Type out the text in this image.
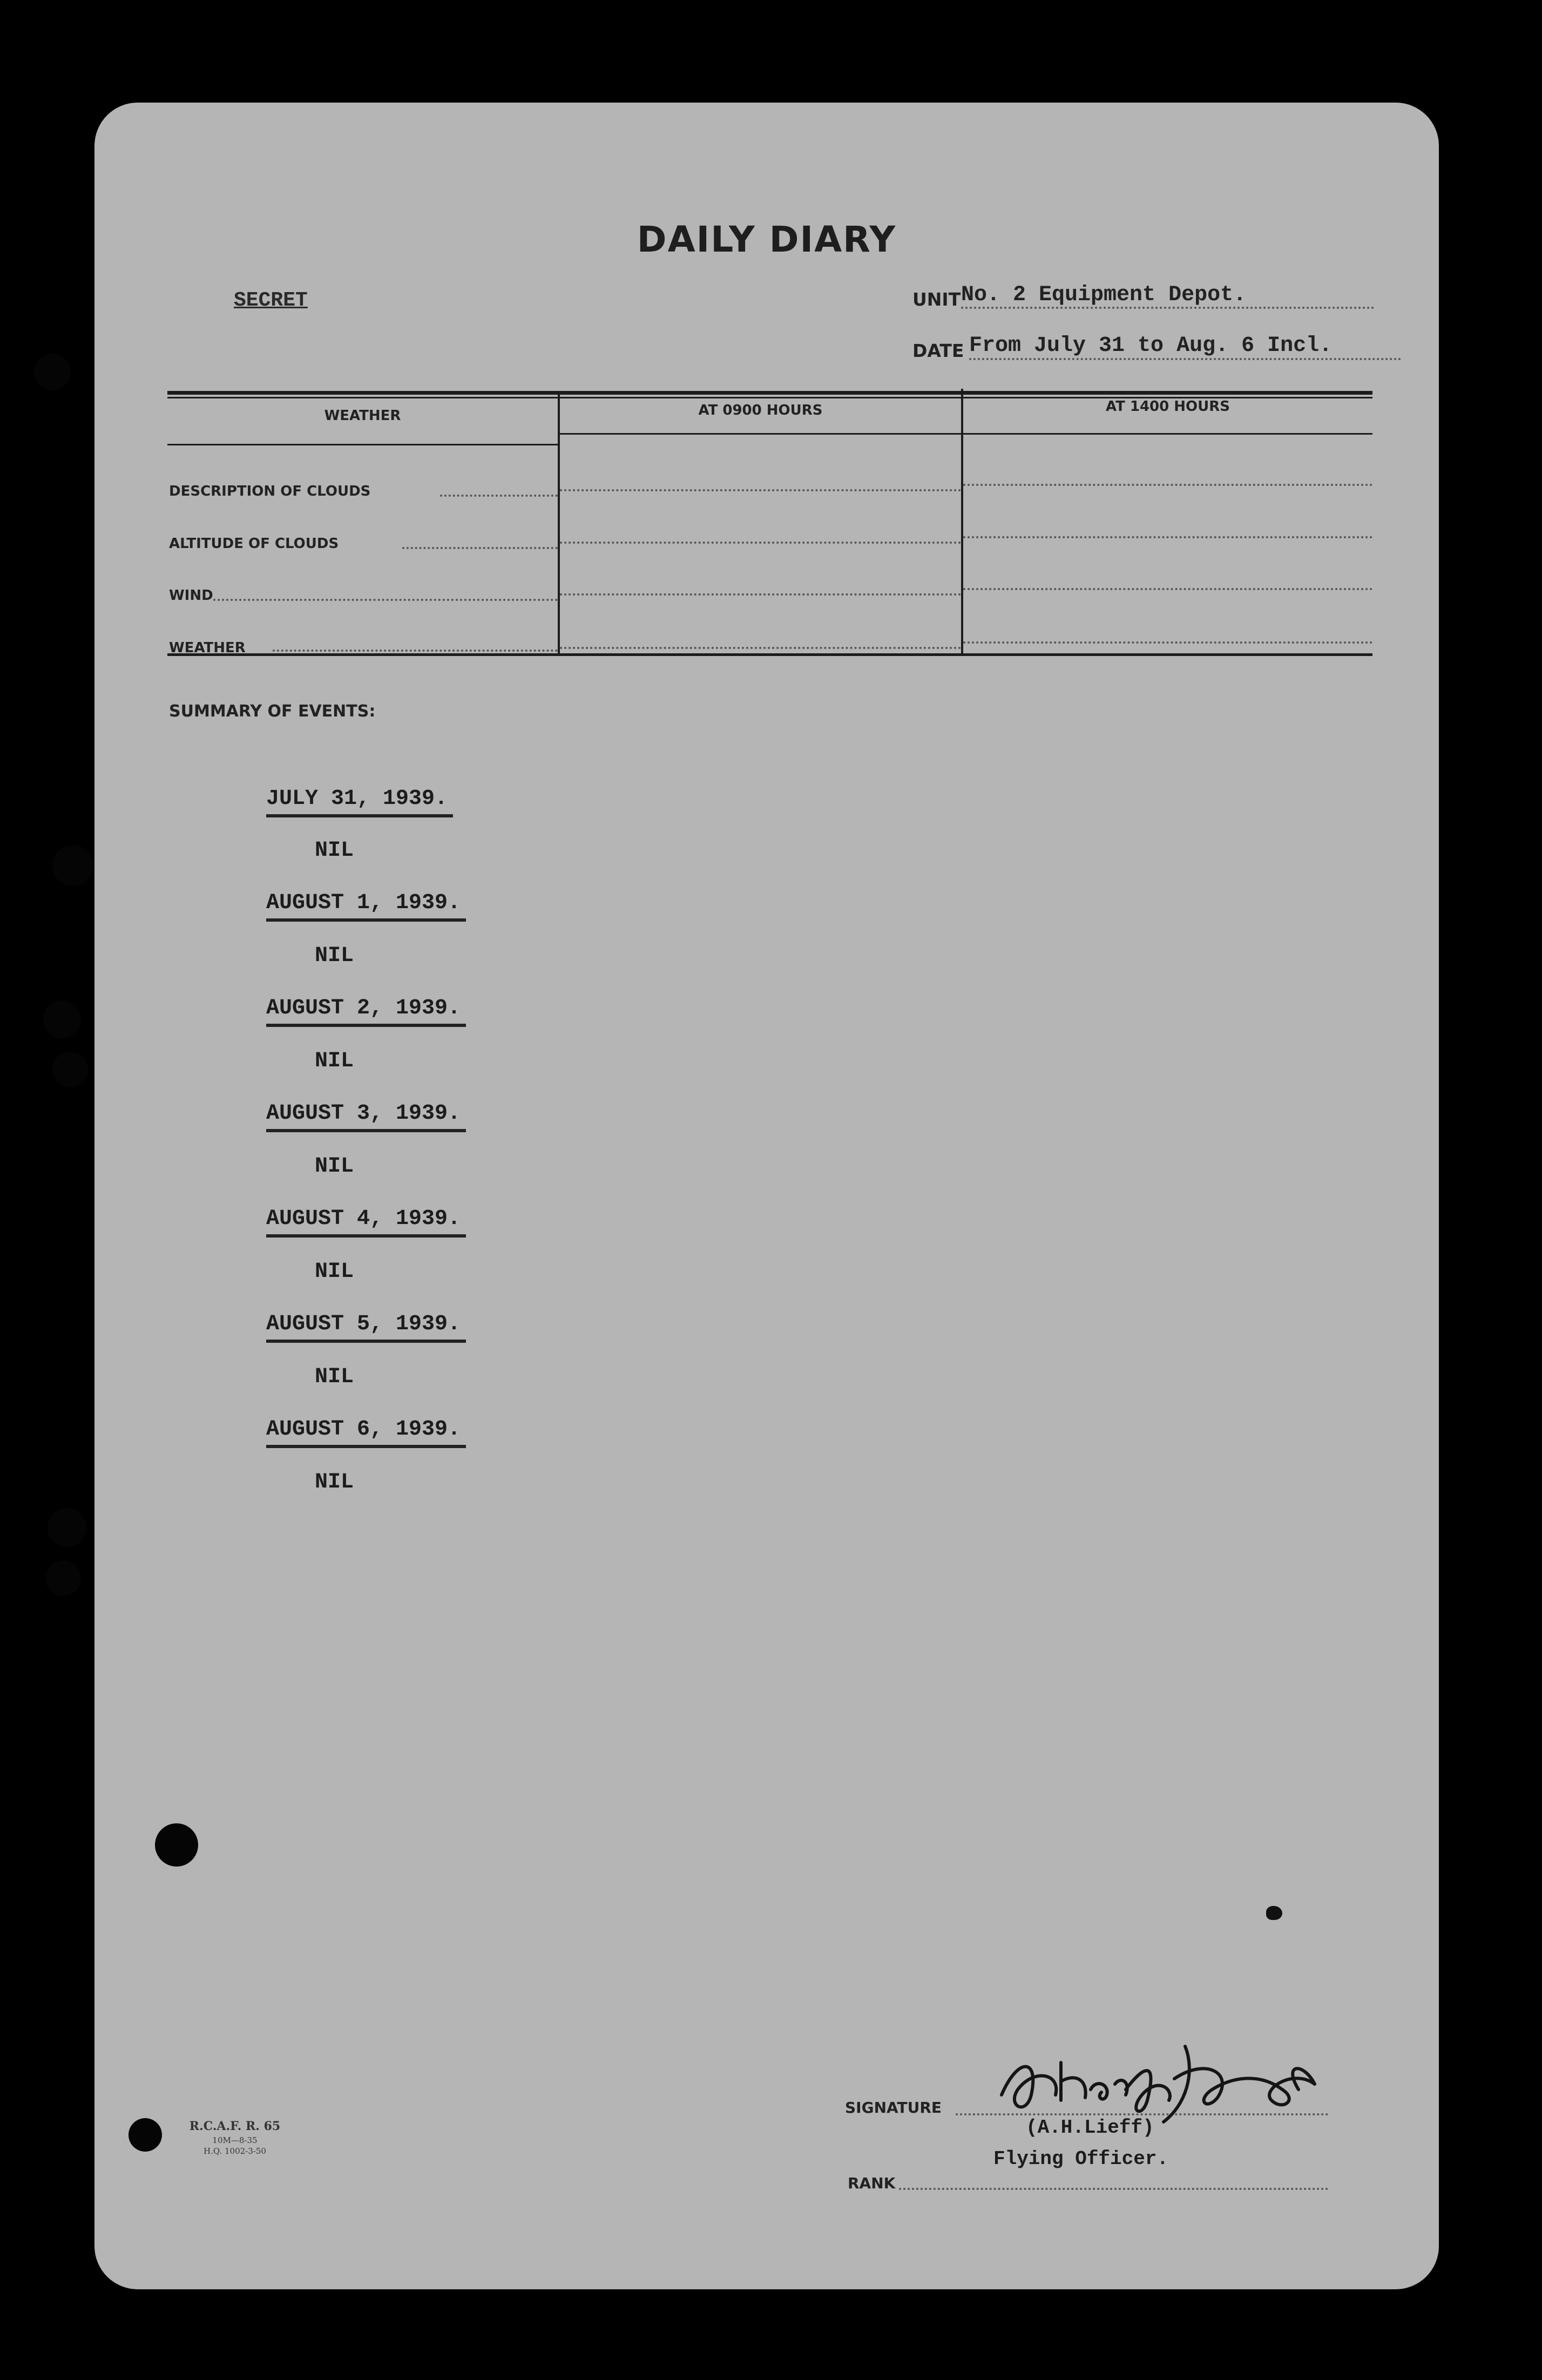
DAILY DIARY
SECRET	UNIT No. 2 Equipment Depot.
DATE From July 31 to Aug. 6 Incl.
WEATHER	AT 0900 HOURS	AT 1400 HOURS
DESCRIPTION OF CLOUDS
ALTITUDE OF CLOUDS
WIND
WEATHER
SUMMARY OF EVENTS:
JULY 31, 1939.
NIL
AUGUST 1, 1939.
NIL
AUGUST 2, 1939.
NIL
AUGUST 3, 1939.
NIL
AUGUST 4, 1939.
NIL
AUGUST 5, 1939.
NIL
AUGUST 6, 1939.
NIL
R.C.A.F. R. 65
10M—8-35
H.Q. 1002-3-50
SIGNATURE
(A.H.Lieff)
RANK
Flying Officer.
